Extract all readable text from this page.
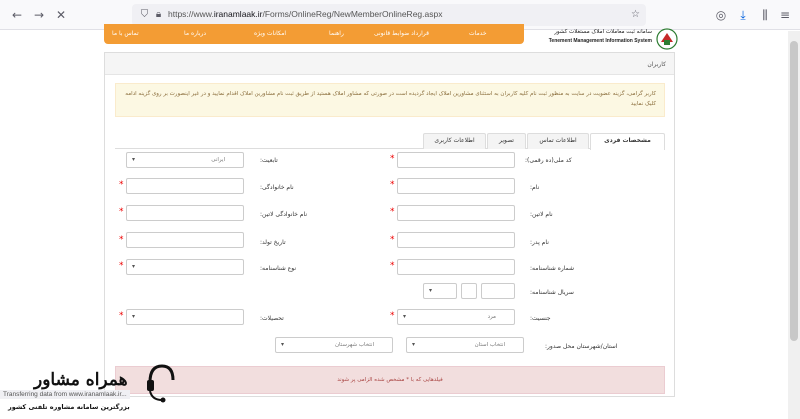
← → ✕	⛉ 🔒︎ https://www.iranamlaak.ir/Forms/OnlineReg/NewMemberOnlineReg.aspx	☆	◎	⤓	⫼	≡
تماس با ما	درباره ما	امکانات ویژه	راهنما	قرارداد ضوابط قانونی	خدمات	سامانه ثبت معاملات املاک مستغلات کشور
Tenement Management Information System
کاربران
کاربر گرامی، گزینه عضویت در سایت به منظور ثبت نام کلیه کاربران به استثنای مشاورین املاک ایجاد گردیده است در صورتی که مشاور املاک هستید از طریق ثبت نام مشاورین املاک اقدام نمایید و در غیر اینصورت بر روی گزینه ادامه کلیک نمایید
مشخصات فردی
اطلاعات تماس
تصویر
اطلاعات کاربری
کد ملی(ده رقمی):
*
تابعیت:
ایرانی
▾
نام:
*
نام خانوادگی:
*
نام لاتین:
*
نام خانوادگی لاتین:
*
نام پدر:
*
تاریخ تولد:
*
شماره شناسنامه:
*
نوع شناسنامه:
* ▾
سریال شناسنامه:
▾
جنسیت:
*	مرد
▾
تحصیلات:
* ▾
استان/شهرستان محل صدور:
انتخاب استان
▾
انتخاب شهرستان
▾
فیلدهایی که با * مشخص شده الزامی پر شوند
Transferring data from www.iranamlaak.ir...
همراه مشاور
بزرگترین سامانه مشاوره تلفنی کشور
